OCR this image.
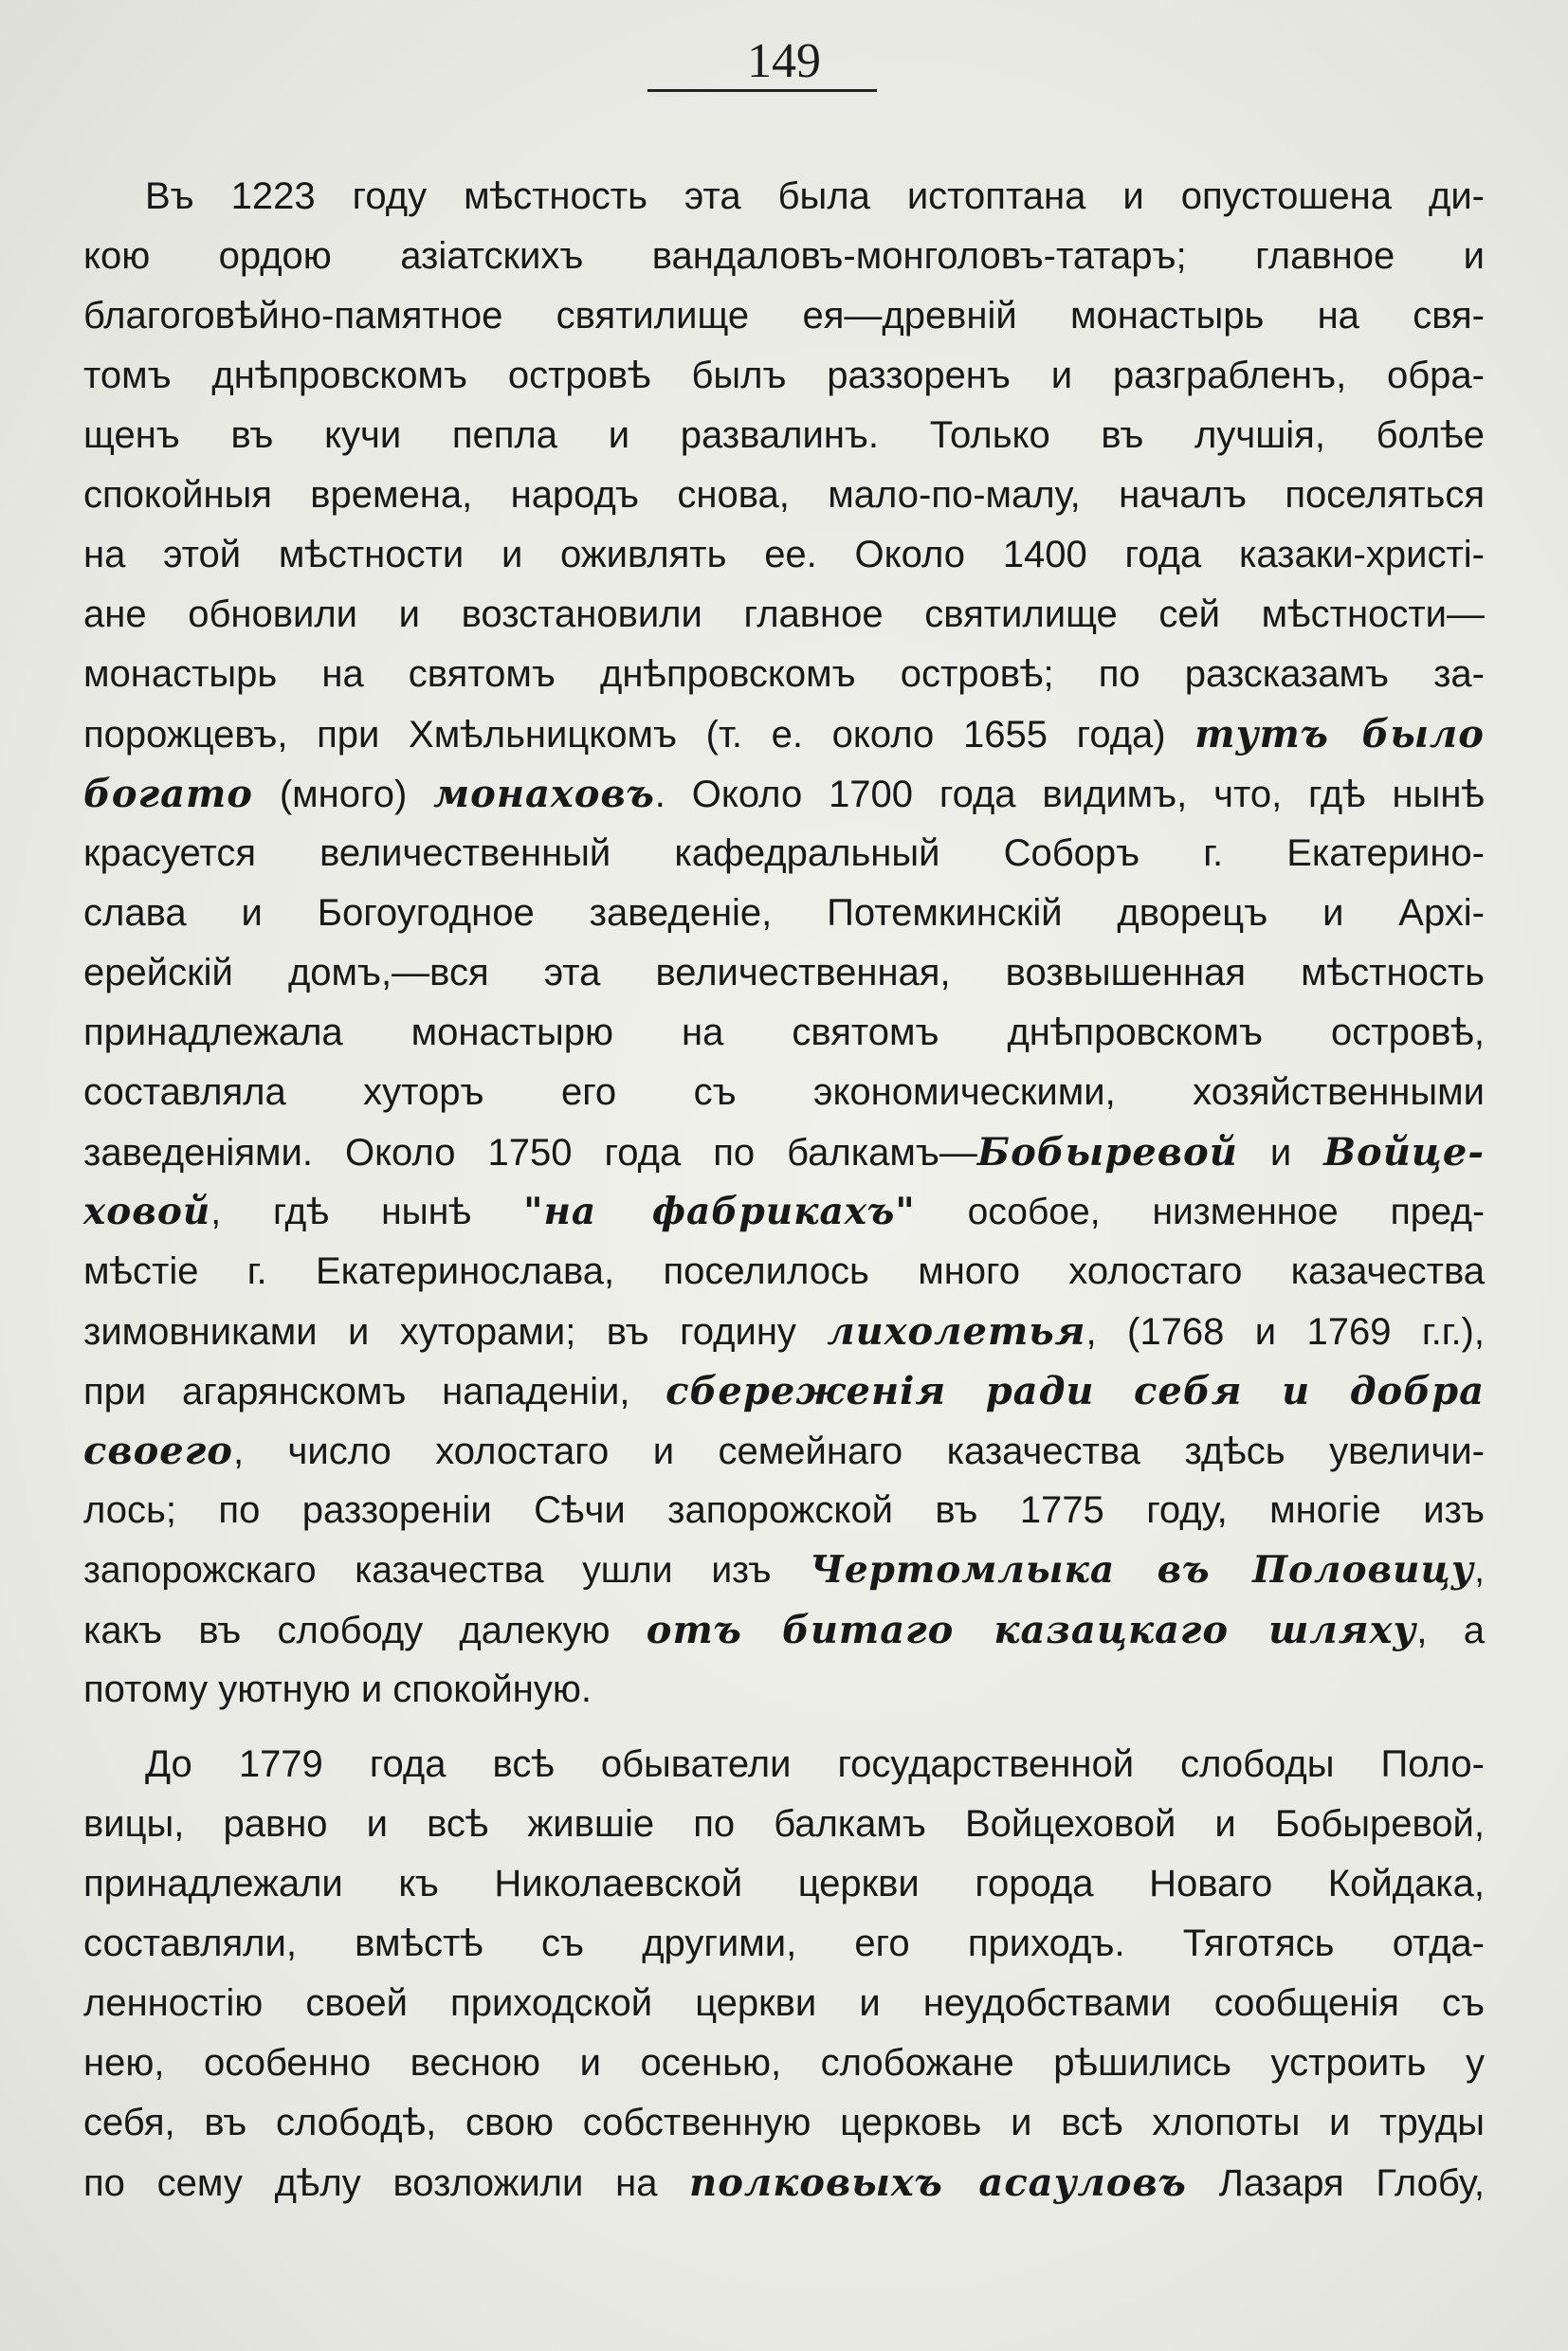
149
Въ 1223 году мѣстность эта была истоптана и опустошена ди-
кою ордою азіатскихъ вандаловъ-монголовъ-татаръ; главное и
благоговѣйно-памятное святилище ея—древній монастырь на свя-
томъ днѣпровскомъ островѣ былъ раззоренъ и разграбленъ, обра-
щенъ въ кучи пепла и развалинъ. Только въ лучшія, болѣе
спокойныя времена, народъ снова, мало-по-малу, началъ поселяться
на этой мѣстности и оживлять ее. Около 1400 года казаки-христі-
ане обновили и возстановили главное святилище сей мѣстности—
монастырь на святомъ днѣпровскомъ островѣ; по разсказамъ за-
порожцевъ, при Хмѣльницкомъ (т. е. около 1655 года) тутъ было
богато (много) монаховъ. Около 1700 года видимъ, что, гдѣ нынѣ
красуется величественный кафедральный Соборъ г. Екатерино-
слава и Богоугодное заведеніе, Потемкинскій дворецъ и Архі-
ерейскій домъ,—вся эта величественная, возвышенная мѣстность
принадлежала монастырю на святомъ днѣпровскомъ островѣ,
составляла хуторъ его съ экономическими, хозяйственными
заведеніями. Около 1750 года по балкамъ—Бобыревой и Войце-
ховой, гдѣ нынѣ "на фабрикахъ" особое, низменное пред-
мѣстіе г. Екатеринослава, поселилось много холостаго казачества
зимовниками и хуторами; въ годину лихолетья, (1768 и 1769 г.г.),
при агарянскомъ нападеніи, сбереженія ради себя и добра
своего, число холостаго и семейнаго казачества здѣсь увеличи-
лось; по раззореніи Сѣчи запорожской въ 1775 году, многіе изъ
запорожскаго казачества ушли изъ Чертомлыка въ Половицу,
какъ въ слободу далекую отъ битаго казацкаго шляху, а
потому уютную и спокойную.
До 1779 года всѣ обыватели государственной слободы Поло-
вицы, равно и всѣ жившіе по балкамъ Войцеховой и Бобыревой,
принадлежали къ Николаевской церкви города Новаго Койдака,
составляли, вмѣстѣ съ другими, его приходъ. Тяготясь отда-
ленностію своей приходской церкви и неудобствами сообщенія съ
нею, особенно весною и осенью, слобожане рѣшились устроить у
себя, въ слободѣ, свою собственную церковь и всѣ хлопоты и труды
по сему дѣлу возложили на полковыхъ асауловъ Лазаря Глобу,
